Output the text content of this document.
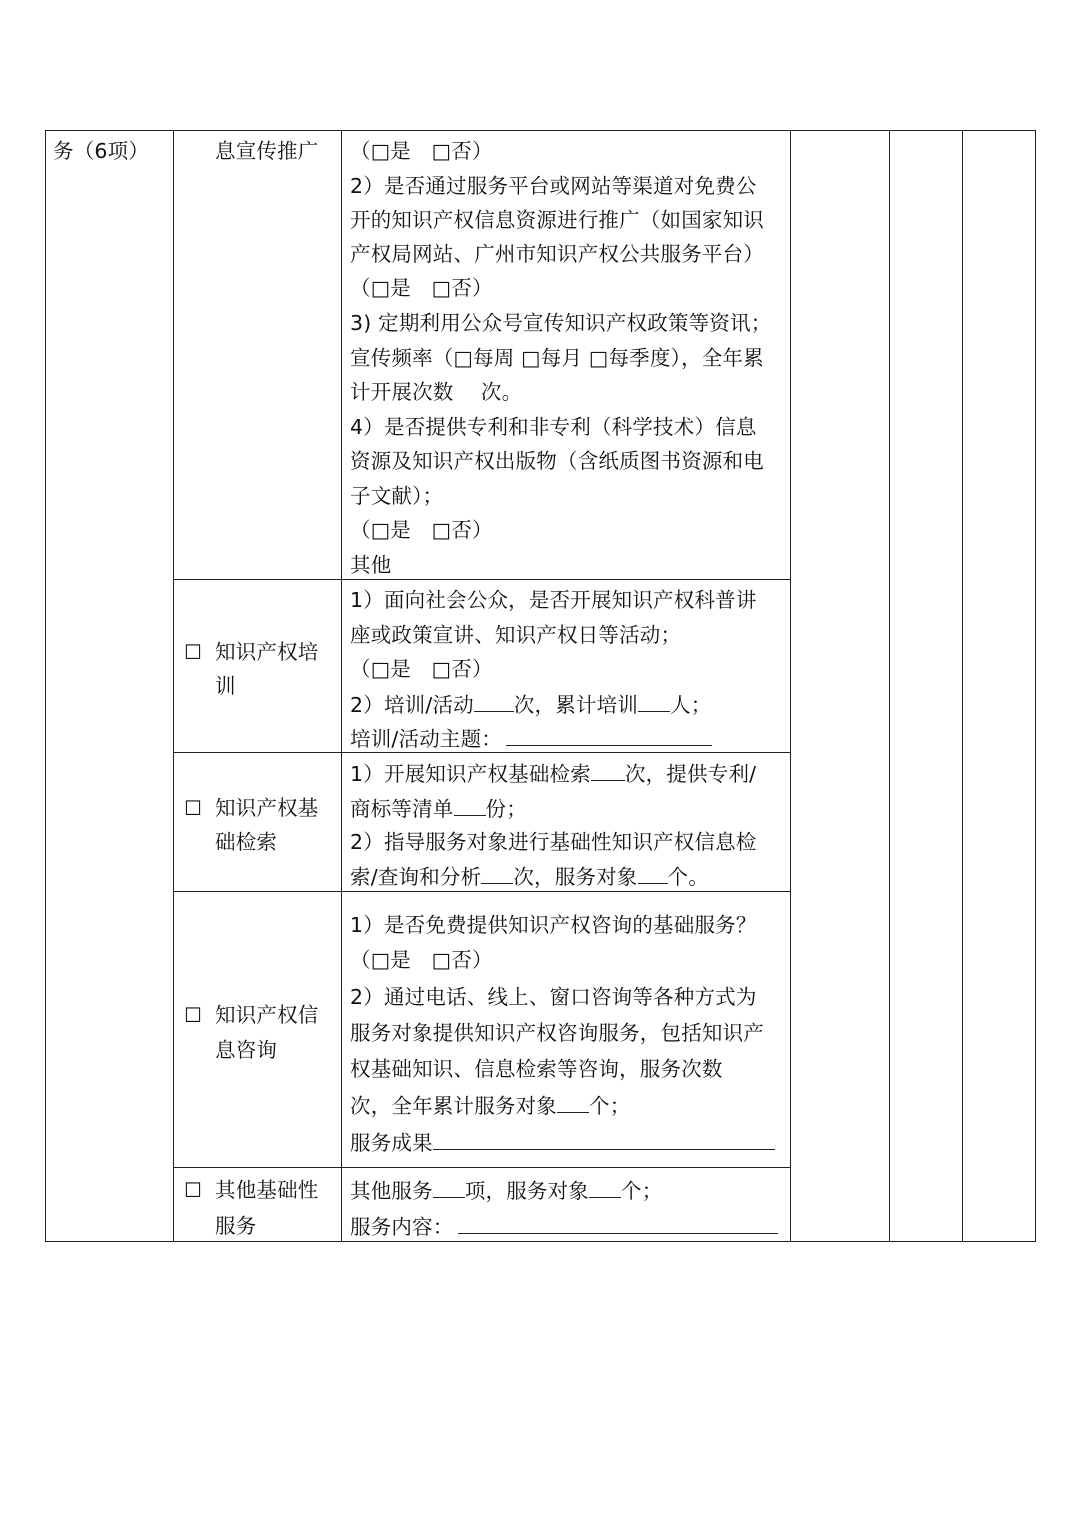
务（6项）	息宣传推广 （□是　□否）
2）是否通过服务平台或网站等渠道对免费公
开的知识产权信息资源进行推广（如国家知识
产权局网站、广州市知识产权公共服务平台）
（□是　□否）
3) 定期利用公众号宣传知识产权政策等资讯；
宣传频率（□每周 □每月 □每季度），全年累
计开展次数　 次。
4）是否提供专利和非专利（科学技术）信息
资源及知识产权出版物（含纸质图书资源和电
子文献）；
（□是　□否）
其他
☐ 知识产权培
训
1）面向社会公众，是否开展知识产权科普讲
座或政策宣讲、知识产权日等活动；
（□是　□否）
2）培训/活动 次，累计培训 人；
培训/活动主题：
☐ 知识产权基
础检索
1）开展知识产权基础检索 次，提供专利/
商标等清单 份；
2）指导服务对象进行基础性知识产权信息检
索/查询和分析 次，服务对象 个。
☐ 知识产权信
息咨询
1）是否免费提供知识产权咨询的基础服务？
（□是　□否）
2）通过电话、线上、窗口咨询等各种方式为
服务对象提供知识产权咨询服务，包括知识产
权基础知识、信息检索等咨询，服务次数
次，全年累计服务对象 个；
服务成果
☐ 其他基础性
服务
其他服务 项，服务对象 个；
服务内容：
